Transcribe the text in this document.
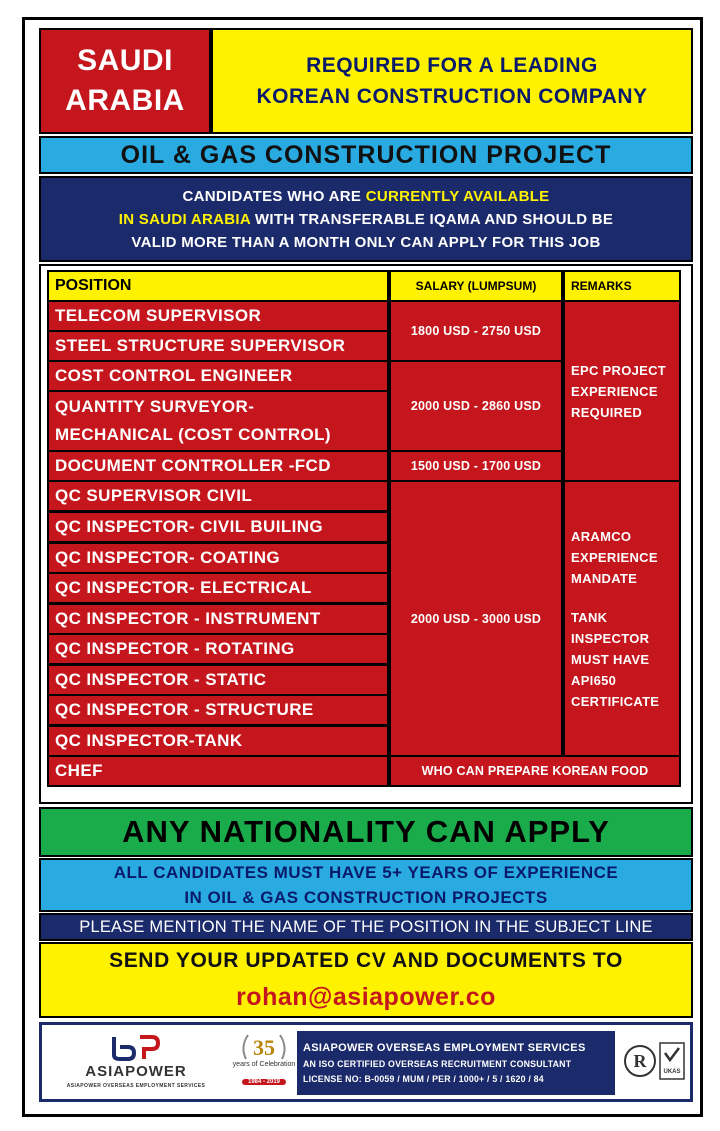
SAUDI
ARABIA
REQUIRED FOR A LEADING
KOREAN CONSTRUCTION COMPANY
OIL & GAS CONSTRUCTION PROJECT
CANDIDATES WHO ARE CURRENTLY AVAILABLE
IN SAUDI ARABIA WITH TRANSFERABLE IQAMA AND SHOULD BE
VALID MORE THAN A MONTH ONLY CAN APPLY FOR THIS JOB
POSITION	SALARY (LUMPSUM)	REMARKS
TELECOM SUPERVISOR
STEEL STRUCTURE SUPERVISOR
COST CONTROL ENGINEER
QUANTITY SURVEYOR-
MECHANICAL (COST CONTROL)
DOCUMENT CONTROLLER -FCD
QC SUPERVISOR CIVIL
QC INSPECTOR- CIVIL BUILING
QC INSPECTOR- COATING
QC INSPECTOR- ELECTRICAL
QC INSPECTOR - INSTRUMENT
QC INSPECTOR - ROTATING
QC INSPECTOR - STATIC
QC INSPECTOR - STRUCTURE
QC INSPECTOR-TANK
CHEF
1800 USD - 2750 USD
2000 USD - 2860 USD
1500 USD - 1700 USD
2000 USD - 3000 USD
EPC PROJECT
EXPERIENCE
REQUIRED
ARAMCO
EXPERIENCE
MANDATE
TANK
INSPECTOR
MUST HAVE
API650
CERTIFICATE
WHO CAN PREPARE KOREAN FOOD
ANY NATIONALITY CAN APPLY
ALL CANDIDATES MUST HAVE 5+ YEARS OF EXPERIENCE
IN OIL & GAS CONSTRUCTION PROJECTS
PLEASE MENTION THE NAME OF THE POSITION IN THE SUBJECT LINE
SEND YOUR UPDATED CV AND DOCUMENTS TO
rohan@asiapower.co
ASIAPOWER
ASIAPOWER OVERSEAS EMPLOYMENT SERVICES
35
years of Celebration
1984 - 2019
ASIAPOWER OVERSEAS EMPLOYMENT SERVICES
AN ISO CERTIFIED OVERSEAS RECRUITMENT CONSULTANT
LICENSE NO: B-0059 / MUM / PER / 1000+ / 5 / 1620 / 84
R
UKAS
